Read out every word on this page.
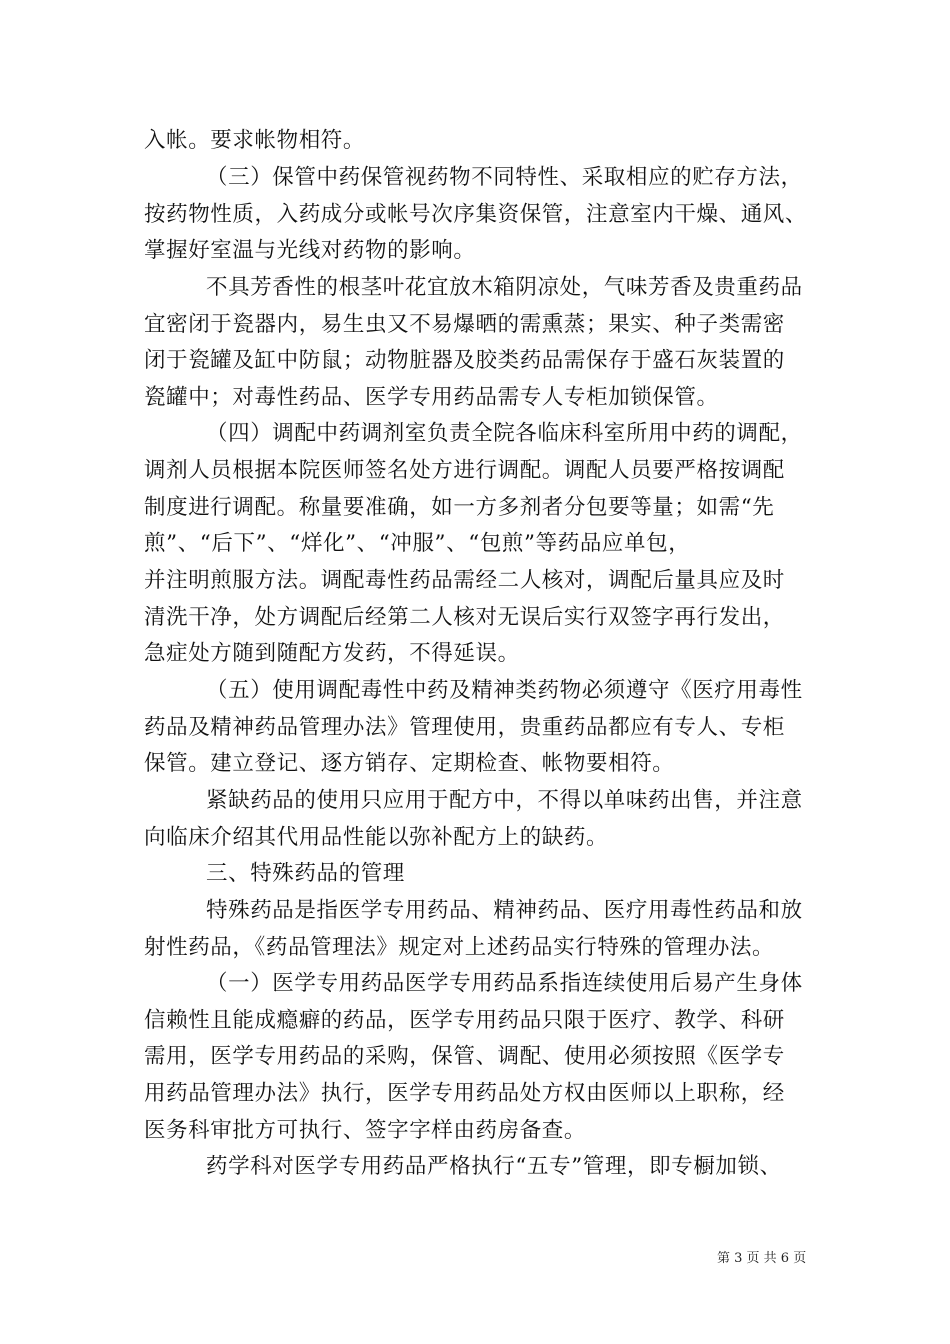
入帐。要求帐物相符。
（三）保管中药保管视药物不同特性、采取相应的贮存方法，
按药物性质，入药成分或帐号次序集资保管，注意室内干燥、通风、
掌握好室温与光线对药物的影响。
不具芳香性的根茎叶花宜放木箱阴凉处，气味芳香及贵重药品
宜密闭于瓷器内，易生虫又不易爆晒的需熏蒸；果实、种子类需密
闭于瓷罐及缸中防鼠；动物脏器及胶类药品需保存于盛石灰装置的
瓷罐中；对毒性药品、医学专用药品需专人专柜加锁保管。
（四）调配中药调剂室负责全院各临床科室所用中药的调配，
调剂人员根据本院医师签名处方进行调配。调配人员要严格按调配
制度进行调配。称量要准确，如一方多剂者分包要等量；如需“先
煎”、“后下”、“烊化”、“冲服”、“包煎”等药品应单包，
并注明煎服方法。调配毒性药品需经二人核对，调配后量具应及时
清洗干净，处方调配后经第二人核对无误后实行双签字再行发出，
急症处方随到随配方发药，不得延误。
（五）使用调配毒性中药及精神类药物必须遵守《医疗用毒性
药品及精神药品管理办法》管理使用，贵重药品都应有专人、专柜
保管。建立登记、逐方销存、定期检查、帐物要相符。
紧缺药品的使用只应用于配方中，不得以单味药出售，并注意
向临床介绍其代用品性能以弥补配方上的缺药。
三、特殊药品的管理
特殊药品是指医学专用药品、精神药品、医疗用毒性药品和放
射性药品，《药品管理法》规定对上述药品实行特殊的管理办法。
（一）医学专用药品医学专用药品系指连续使用后易产生身体
信赖性且能成瘾癖的药品，医学专用药品只限于医疗、教学、科研
需用，医学专用药品的采购，保管、调配、使用必须按照《医学专
用药品管理办法》执行，医学专用药品处方权由医师以上职称，经
医务科审批方可执行、签字字样由药房备查。
药学科对医学专用药品严格执行“五专”管理，即专橱加锁、
第 3 页 共 6 页
